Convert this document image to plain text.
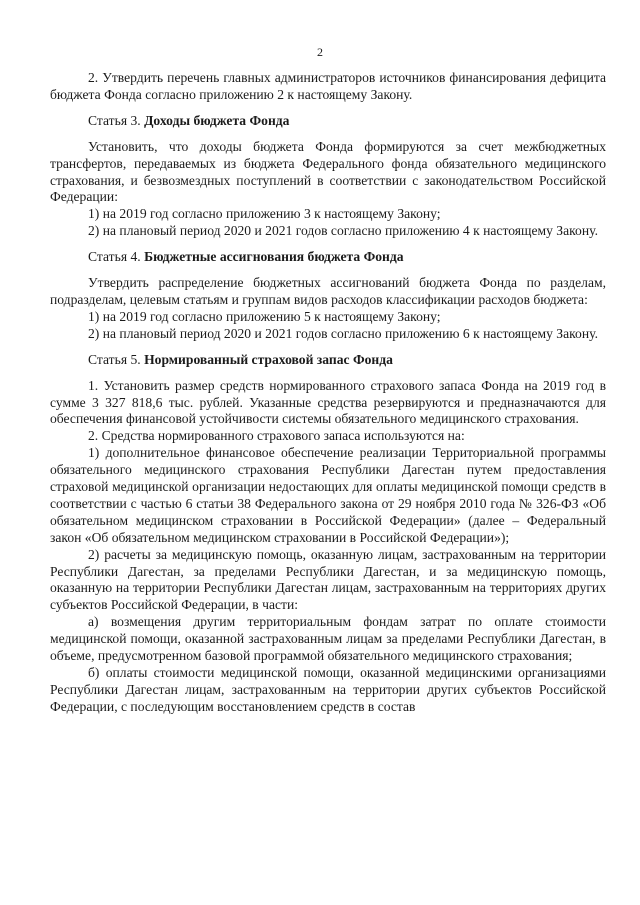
2

2. Утвердить перечень главных администраторов источников финансирования дефицита бюджета Фонда согласно приложению 2 к настоящему Закону.

Статья 3. Доходы бюджета Фонда

Установить, что доходы бюджета Фонда формируются за счет межбюджетных трансфертов, передаваемых из бюджета Федерального фонда обязательного медицинского страхования, и безвозмездных поступлений в соответствии с законодательством Российской Федерации:

1) на 2019 год согласно приложению 3 к настоящему Закону;

2) на плановый период 2020 и 2021 годов согласно приложению 4 к настоящему Закону.

Статья 4. Бюджетные ассигнования бюджета Фонда

Утвердить распределение бюджетных ассигнований бюджета Фонда по разделам, подразделам, целевым статьям и группам видов расходов классификации расходов бюджета:

1) на 2019 год согласно приложению 5 к настоящему Закону;

2) на плановый период 2020 и 2021 годов согласно приложению 6 к настоящему Закону.

Статья 5. Нормированный страховой запас Фонда

1. Установить размер средств нормированного страхового запаса Фонда на 2019 год в сумме 3 327 818,6 тыс. рублей. Указанные средства резервируются и предназначаются для обеспечения финансовой устойчивости системы обязательного медицинского страхования.

2. Средства нормированного страхового запаса используются на:

1) дополнительное финансовое обеспечение реализации Территориальной программы обязательного медицинского страхования Республики Дагестан путем предоставления страховой медицинской организации недостающих для оплаты медицинской помощи средств в соответствии с частью 6 статьи 38 Федерального закона от 29 ноября 2010 года № 326-ФЗ «Об обязательном медицинском страховании в Российской Федерации» (далее – Федеральный закон «Об обязательном медицинском страховании в Российской Федерации»);

2) расчеты за медицинскую помощь, оказанную лицам, застрахованным на территории Республики Дагестан, за пределами Республики Дагестан, и за медицинскую помощь, оказанную на территории Республики Дагестан лицам, застрахованным на территориях других субъектов Российской Федерации, в части:

а) возмещения другим территориальным фондам затрат по оплате стоимости медицинской помощи, оказанной застрахованным лицам за пределами Республики Дагестан, в объеме, предусмотренном базовой программой обязательного медицинского страхования;

б) оплаты стоимости медицинской помощи, оказанной медицинскими организациями Республики Дагестан лицам, застрахованным на территории других субъектов Российской Федерации, с последующим восстановлением средств в состав
